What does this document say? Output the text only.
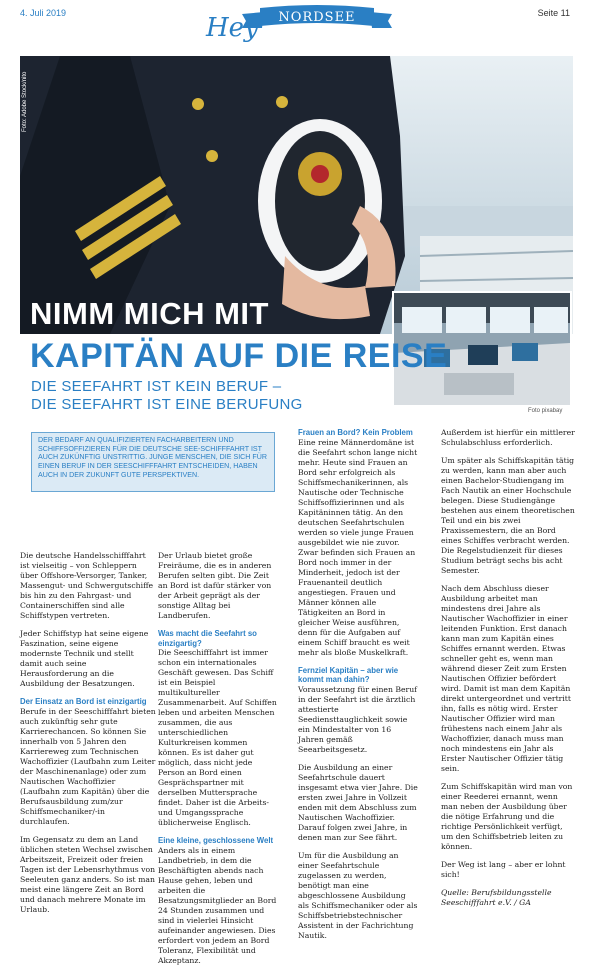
4. Juli 2019	Seite 11
Hey NORDSEE
Foto: Adobe Stock/nito
Foto pixabay
NIMM MICH MIT
KAPITÄN AUF DIE REISE
DIE SEEFAHRT IST KEIN BERUF –
DIE SEEFAHRT IST EINE BERUFUNG
DER BEDARF AN QUALIFIZIERTEN FACHARBEITERN UND SCHIFFSOFFIZIEREN FÜR DIE DEUTSCHE SEE-SCHIFFFAHRT IST AUCH ZUKÜNFTIG UNSTRITTIG. JUNGE MENSCHEN, DIE SICH FÜR EINEN BERUF IN DER SEESCHIFFFAHRT ENTSCHEIDEN, HABEN AUCH IN DER ZUKUNFT GUTE PERSPEKTIVEN.

Die deutsche Handelsschifffahrt ist vielseitig – von Schleppern über Offshore-Versorger, Tanker, Massengut- und Schwergutschiffe bis hin zu den Fahrgast- und Containerschiffen sind alle Schiffstypen vertreten.

Jeder Schiffstyp hat seine eigene Faszination, seine eigene modernste Technik und stellt damit auch seine Herausforderung an die Ausbildung der Besatzungen.

Der Einsatz an Bord ist einzigartig

Berufe in der Seeschifffahrt bieten auch zukünftig sehr gute Karrierechancen. So können Sie innerhalb von 5 Jahren den Karriereweg zum Technischen Wachoffizier (Laufbahn zum Leiter der Maschinenanlage) oder zum Nautischen Wachoffizier (Laufbahn zum Kapitän) über die Berufsausbildung zum/zur Schiffsmechaniker/-in durchlaufen.

Im Gegensatz zu dem an Land üblichen steten Wechsel zwischen Arbeitszeit, Freizeit oder freien Tagen ist der Lebensrhythmus von Seeleuten ganz anders. So ist man meist eine längere Zeit an Bord und danach mehrere Monate im Urlaub.

Der Urlaub bietet große Freiräume, die es in anderen Berufen selten gibt. Die Zeit an Bord ist dafür stärker von der Arbeit geprägt als der sonstige Alltag bei Landberufen.

Was macht die Seefahrt so einzigartig?

Die Seeschifffahrt ist immer schon ein internationales Geschäft gewesen. Das Schiff ist ein Beispiel multikultureller Zusammenarbeit. Auf Schiffen leben und arbeiten Menschen zusammen, die aus unterschiedlichen Kulturkreisen kommen können. Es ist daher gut möglich, dass nicht jede Person an Bord einen Gesprächspartner mit derselben Muttersprache findet. Daher ist die Arbeits- und Umgangssprache üblicherweise Englisch.

Eine kleine, geschlossene Welt

Anders als in einem Landbetrieb, in dem die Beschäftigten abends nach Hause gehen, leben und arbeiten die Besatzungsmitglieder an Bord 24 Stunden zusammen und sind in vielerlei Hinsicht aufeinander angewiesen. Dies erfordert von jedem an Bord Toleranz, Flexibilität und Akzeptanz.

Frauen an Bord? Kein Problem

Eine reine Männerdomäne ist die Seefahrt schon lange nicht mehr. Heute sind Frauen an Bord sehr erfolgreich als Schiffsmechanikerinnen, als Nautische oder Technische Schiffsoffizierinnen und als Kapitäninnen tätig. An den deutschen Seefahrtschulen werden so viele junge Frauen ausgebildet wie nie zuvor. Zwar befinden sich Frauen an Bord noch immer in der Minderheit, jedoch ist der Frauenanteil deutlich angestiegen. Frauen und Männer können alle Tätigkeiten an Bord in gleicher Weise ausführen, denn für die Aufgaben auf einem Schiff braucht es weit mehr als bloße Muskelkraft.

Fernziel Kapitän – aber wie kommt man dahin?

Voraussetzung für einen Beruf in der Seefahrt ist die ärztlich attestierte Seediensttauglichkeit sowie ein Mindestalter von 16 Jahren gemäß Seearbeitsgesetz.

Die Ausbildung an einer Seefahrtschule dauert insgesamt etwa vier Jahre. Die ersten zwei Jahre in Vollzeit enden mit dem Abschluss zum Nautischen Wachoffizier. Darauf folgen zwei Jahre, in denen man zur See fährt.

Um für die Ausbildung an einer Seefahrtschule zugelassen zu werden, benötigt man eine abgeschlossene Ausbildung als Schiffsmechaniker oder als Schiffsbetriebstechnischer Assistent in der Fachrichtung Nautik.

Außerdem ist hierfür ein mittlerer Schulabschluss erforderlich.

Um später als Schiffskapitän tätig zu werden, kann man aber auch einen Bachelor-Studiengang im Fach Nautik an einer Hochschule belegen. Diese Studiengänge bestehen aus einem theoretischen Teil und ein bis zwei Praxissemestern, die an Bord eines Schiffes verbracht werden. Die Regelstudienzeit für dieses Studium beträgt sechs bis acht Semester.

Nach dem Abschluss dieser Ausbildung arbeitet man mindestens drei Jahre als Nautischer Wachoffizier in einer leitenden Funktion. Erst danach kann man zum Kapitän eines Schiffes ernannt werden. Etwas schneller geht es, wenn man während dieser Zeit zum Ersten Nautischen Offizier befördert wird. Damit ist man dem Kapitän direkt untergeordnet und vertritt ihn, falls es nötig wird. Erster Nautischer Offizier wird man frühestens nach einem Jahr als Wachoffizier, danach muss man noch mindestens ein Jahr als Erster Nautischer Offizier tätig sein.

Zum Schiffskapitän wird man von einer Reederei ernannt, wenn man neben der Ausbildung über die nötige Erfahrung und die richtige Persönlichkeit verfügt, um den Schiffsbetrieb leiten zu können.

Der Weg ist lang – aber er lohnt sich!

Quelle: Berufsbildungsstelle Seeschifffahrt e.V. / GA
